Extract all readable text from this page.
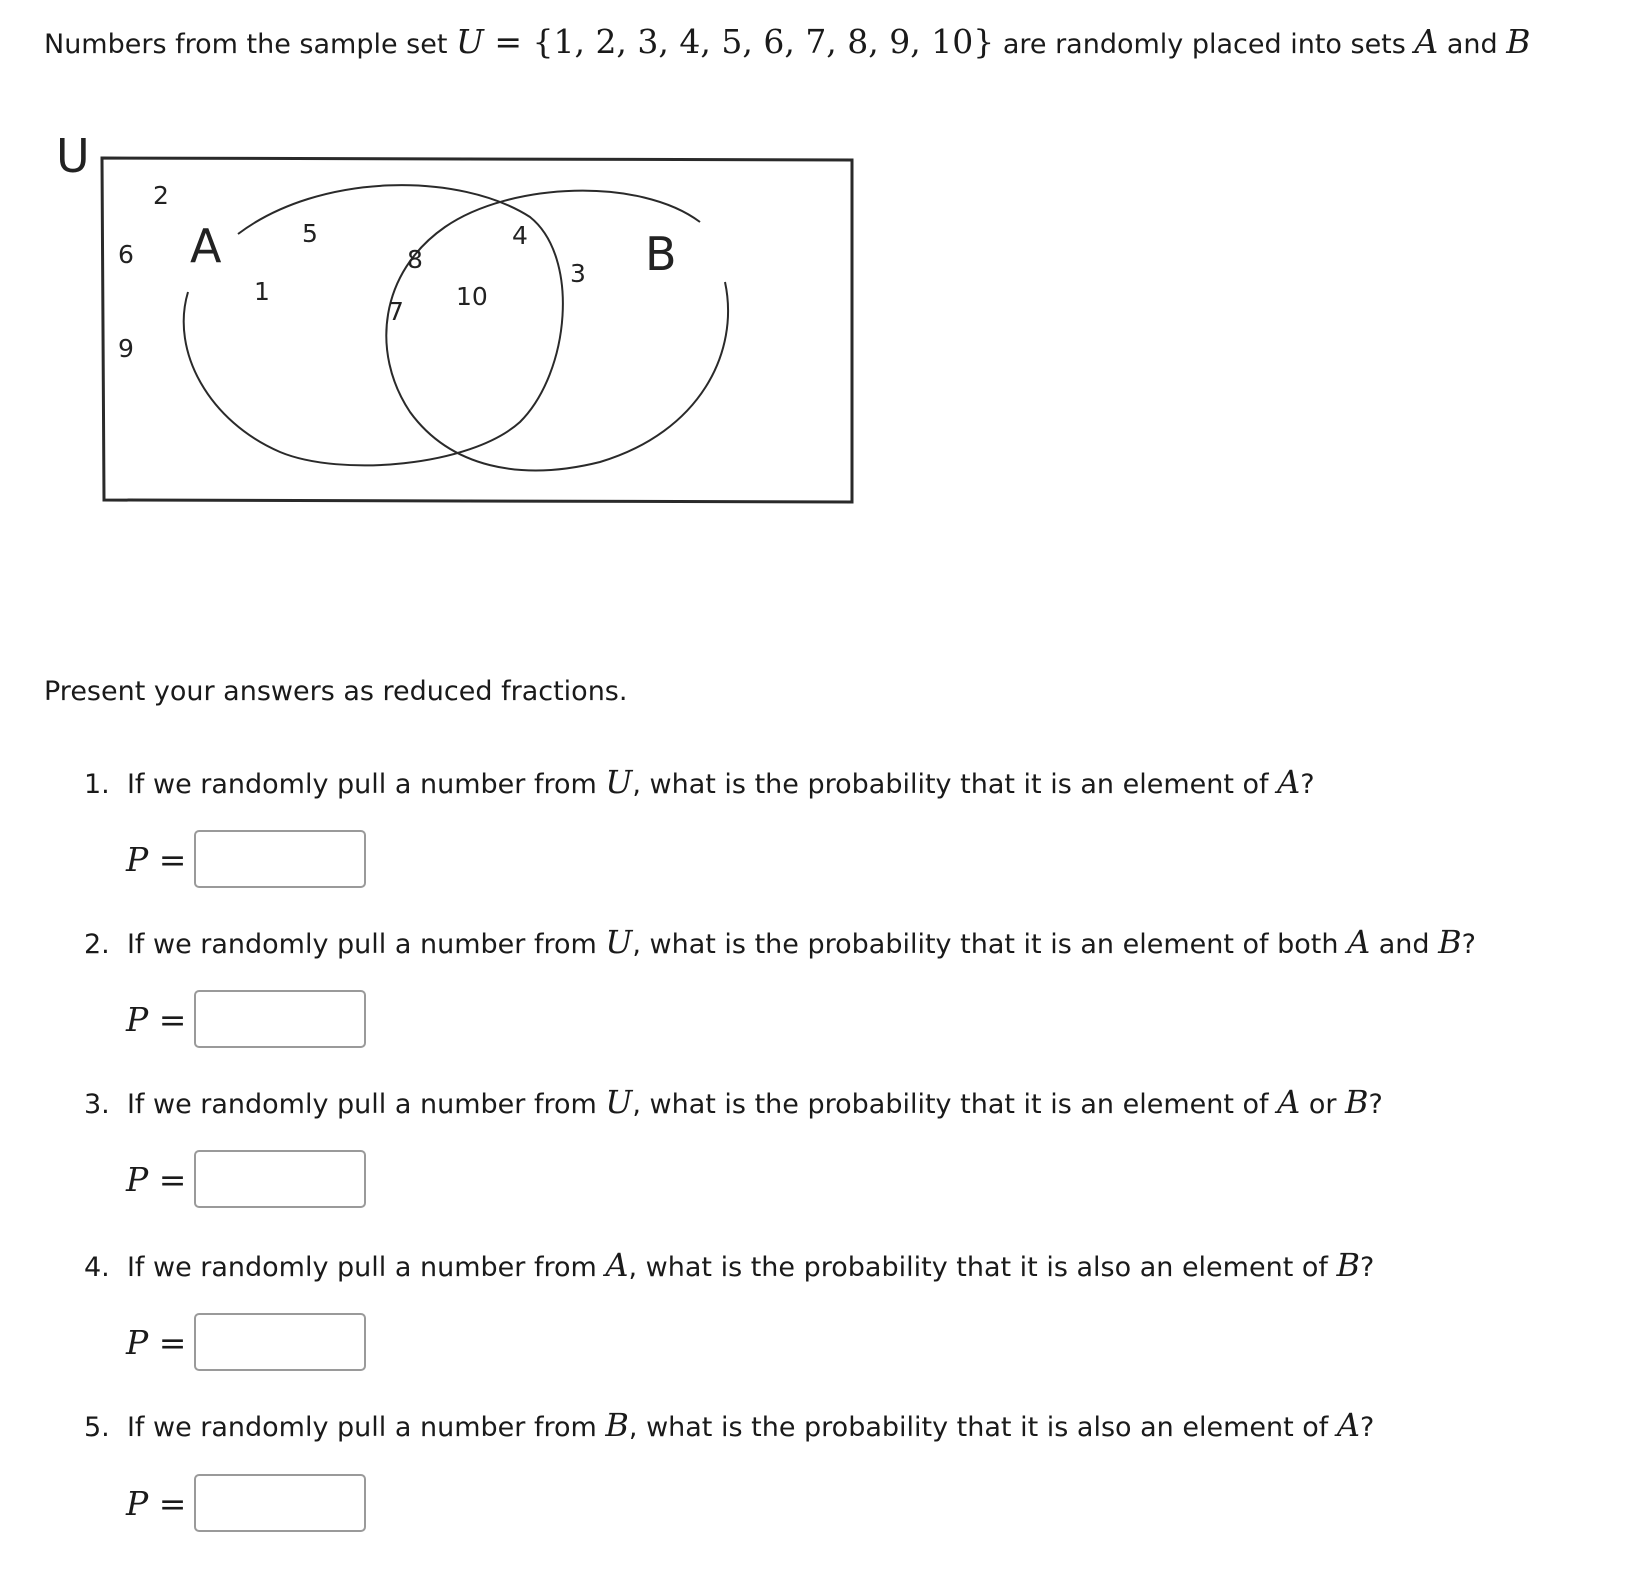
Numbers from the sample set U = {1, 2, 3, 4, 5, 6, 7, 8, 9, 10} are randomly placed into sets A and B
U
A	B
2
6
9
5
1
8
7
10
4
3
Present your answers as reduced fractions.
1. If we randomly pull a number from U, what is the probability that it is an element of A?
P =
2. If we randomly pull a number from U, what is the probability that it is an element of both A and B?
P =
3. If we randomly pull a number from U, what is the probability that it is an element of A or B?
P =
4. If we randomly pull a number from A, what is the probability that it is also an element of B?
P =
5. If we randomly pull a number from B, what is the probability that it is also an element of A?
P =
